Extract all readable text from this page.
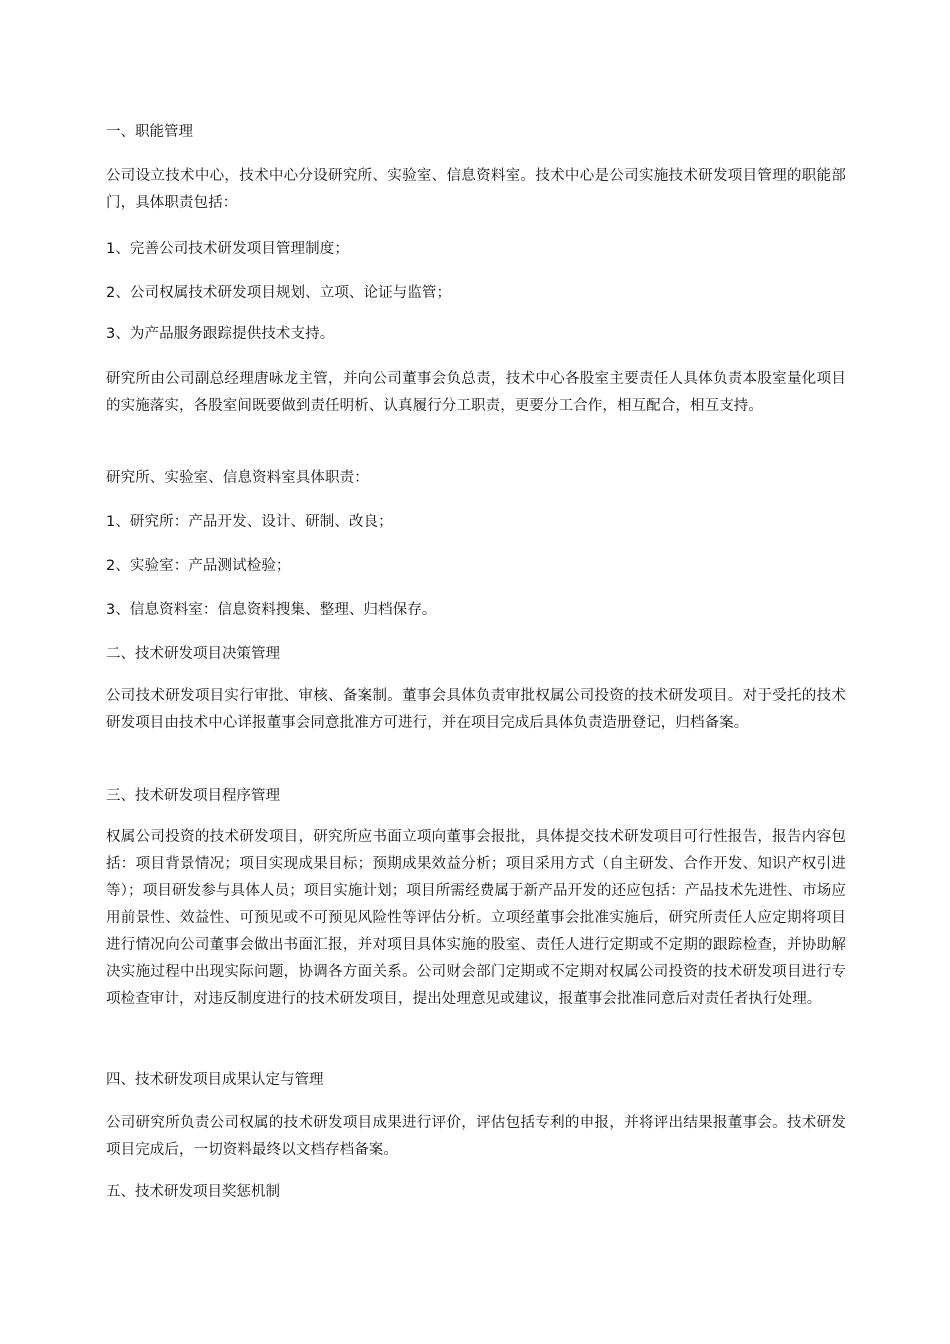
一、职能管理

公司设立技术中心，技术中心分设研究所、实验室、信息资料室。技术中心是公司实施技术研发项目管理的职能部门，具体职责包括：

1、完善公司技术研发项目管理制度；

2、公司权属技术研发项目规划、立项、论证与监管；

3、为产品服务跟踪提供技术支持。

研究所由公司副总经理唐咏龙主管，并向公司董事会负总责，技术中心各股室主要责任人具体负责本股室量化项目的实施落实，各股室间既要做到责任明析、认真履行分工职责，更要分工合作，相互配合，相互支持。

研究所、实验室、信息资料室具体职责：

1、研究所：产品开发、设计、研制、改良；

2、实验室：产品测试检验；

3、信息资料室：信息资料搜集、整理、归档保存。

二、技术研发项目决策管理

公司技术研发项目实行审批、审核、备案制。董事会具体负责审批权属公司投资的技术研发项目。对于受托的技术研发项目由技术中心详报董事会同意批准方可进行，并在项目完成后具体负责造册登记，归档备案。

三、技术研发项目程序管理

权属公司投资的技术研发项目，研究所应书面立项向董事会报批，具体提交技术研发项目可行性报告，报告内容包括：项目背景情况；项目实现成果目标；预期成果效益分析；项目采用方式（自主研发、合作开发、知识产权引进等）；项目研发参与具体人员；项目实施计划；项目所需经费属于新产品开发的还应包括：产品技术先进性、市场应用前景性、效益性、可预见或不可预见风险性等评估分析。立项经董事会批准实施后，研究所责任人应定期将项目进行情况向公司董事会做出书面汇报，并对项目具体实施的股室、责任人进行定期或不定期的跟踪检查，并协助解决实施过程中出现实际问题，协调各方面关系。公司财会部门定期或不定期对权属公司投资的技术研发项目进行专项检查审计，对违反制度进行的技术研发项目，提出处理意见或建议，报董事会批准同意后对责任者执行处理。

四、技术研发项目成果认定与管理

公司研究所负责公司权属的技术研发项目成果进行评价，评估包括专利的申报，并将评出结果报董事会。技术研发项目完成后，一切资料最终以文档存档备案。

五、技术研发项目奖惩机制
